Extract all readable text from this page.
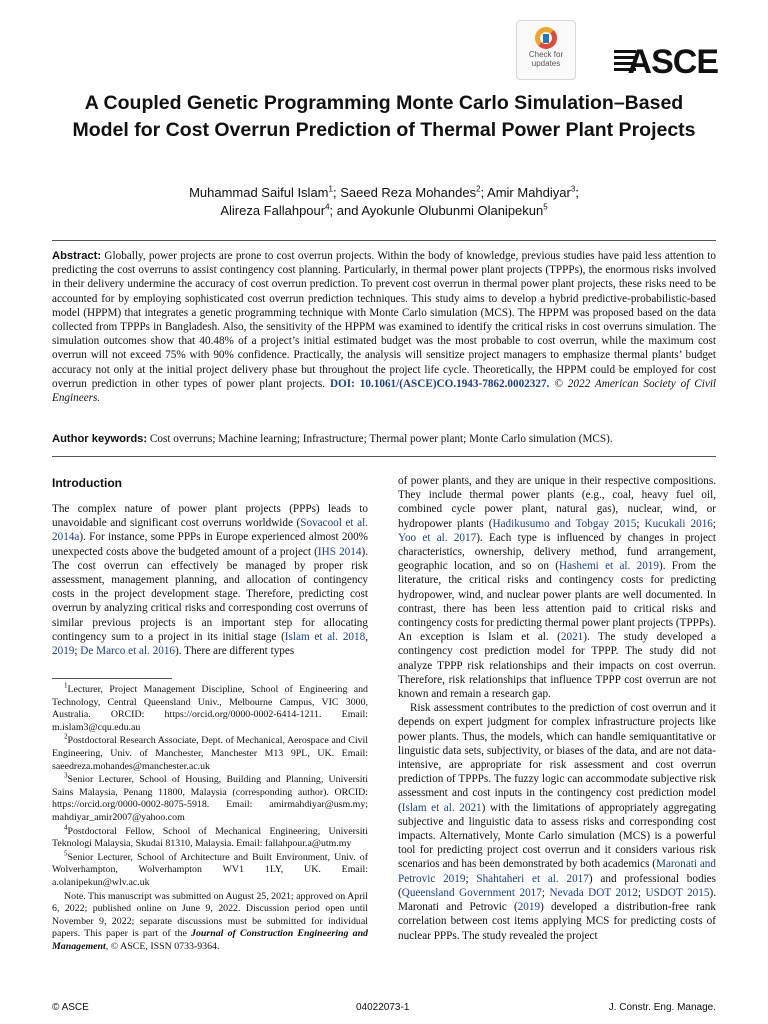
Check for
updates	ASCE
A Coupled Genetic Programming Monte Carlo Simulation–Based Model for Cost Overrun Prediction of Thermal Power Plant Projects

Muhammad Saiful Islam$^1$; Saeed Reza Mohandes$^2$; Amir Mahdiyar$^3$;
Alireza Fallahpour$^4$; and Ayokunle Olubunmi Olanipekun$^5$

Abstract: Globally, power projects are prone to cost overrun projects. Within the body of knowledge, previous studies have paid less attention to predicting the cost overruns to assist contingency cost planning. Particularly, in thermal power plant projects (TPPPs), the enormous risks involved in their delivery undermine the accuracy of cost overrun prediction. To prevent cost overrun in thermal power plant projects, these risks need to be accounted for by employing sophisticated cost overrun prediction techniques. This study aims to develop a hybrid predictive-probabilistic-based model (HPPM) that integrates a genetic programming technique with Monte Carlo simulation (MCS). The HPPM was proposed based on the data collected from TPPPs in Bangladesh. Also, the sensitivity of the HPPM was examined to identify the critical risks in cost overruns simulation. The simulation outcomes show that 40.48% of a project’s initial estimated budget was the most probable to cost overrun, while the maximum cost overrun will not exceed 75% with 90% confidence. Practically, the analysis will sensitize project managers to emphasize thermal plants’ budget accuracy not only at the initial project delivery phase but throughout the project life cycle. Theoretically, the HPPM could be employed for cost overrun prediction in other types of power plant projects. DOI: 10.1061/(ASCE)CO.1943-7862.0002327. © 2022 American Society of Civil Engineers.

Author keywords: Cost overruns; Machine learning; Infrastructure; Thermal power plant; Monte Carlo simulation (MCS).

Introduction

The complex nature of power plant projects (PPPs) leads to unavoidable and significant cost overruns worldwide (Sovacool et al. 2014a). For instance, some PPPs in Europe experienced almost 200% unexpected costs above the budgeted amount of a project (IHS 2014). The cost overrun can effectively be managed by proper risk assessment, management planning, and allocation of contingency costs in the project development stage. Therefore, predicting cost overrun by analyzing critical risks and corresponding cost overruns of similar previous projects is an important step for allocating contingency sum to a project in its initial stage (Islam et al. 2018, 2019; De Marco et al. 2016). There are different types

$^1$Lecturer, Project Management Discipline, School of Engineering and Technology, Central Queensland Univ., Melbourne Campus, VIC 3000, Australia. ORCID: https://orcid.org/0000-0002-6414-1211. Email: m.islam3@cqu.edu.au

$^2$Postdoctoral Research Associate, Dept. of Mechanical, Aerospace and Civil Engineering, Univ. of Manchester, Manchester M13 9PL, UK. Email: saeedreza.mohandes@manchester.ac.uk

$^3$Senior Lecturer, School of Housing, Building and Planning, Universiti Sains Malaysia, Penang 11800, Malaysia (corresponding author). ORCID: https://orcid.org/0000-0002-8075-5918. Email: amirmahdiyar@usm.my; mahdiyar_amir2007@yahoo.com

$^4$Postdoctoral Fellow, School of Mechanical Engineering, Universiti Teknologi Malaysia, Skudai 81310, Malaysia. Email: fallahpour.a@utm.my

$^5$Senior Lecturer, School of Architecture and Built Environment, Univ. of Wolverhampton, Wolverhampton WV1 1LY, UK. Email: a.olanipekun@wlv.ac.uk

Note. This manuscript was submitted on August 25, 2021; approved on April 6, 2022; published online on June 9, 2022. Discussion period open until November 9, 2022; separate discussions must be submitted for individual papers. This paper is part of the Journal of Construction Engineering and Management, © ASCE, ISSN 0733-9364.

of power plants, and they are unique in their respective compositions. They include thermal power plants (e.g., coal, heavy fuel oil, combined cycle power plant, natural gas), nuclear, wind, or hydropower plants (Hadikusumo and Tobgay 2015; Kucukali 2016; Yoo et al. 2017). Each type is influenced by changes in project characteristics, ownership, delivery method, fund arrangement, geographic location, and so on (Hashemi et al. 2019). From the literature, the critical risks and contingency costs for predicting hydropower, wind, and nuclear power plants are well documented. In contrast, there has been less attention paid to critical risks and contingency costs for predicting thermal power plant projects (TPPPs). An exception is Islam et al. (2021). The study developed a contingency cost prediction model for TPPP. The study did not analyze TPPP risk relationships and their impacts on cost overrun. Therefore, risk relationships that influence TPPP cost overrun are not known and remain a research gap.

Risk assessment contributes to the prediction of cost overrun and it depends on expert judgment for complex infrastructure projects like power plants. Thus, the models, which can handle semiquantitative or linguistic data sets, subjectivity, or biases of the data, and are not data-intensive, are appropriate for risk assessment and cost overrun prediction of TPPPs. The fuzzy logic can accommodate subjective risk assessment and cost inputs in the contingency cost prediction model (Islam et al. 2021) with the limitations of appropriately aggregating subjective and linguistic data to assess risks and corresponding cost impacts. Alternatively, Monte Carlo simulation (MCS) is a powerful tool for predicting project cost overrun and it considers various risk scenarios and has been demonstrated by both academics (Maronati and Petrovic 2019; Shahtaheri et al. 2017) and professional bodies (Queensland Government 2017; Nevada DOT 2012; USDOT 2015). Maronati and Petrovic (2019) developed a distribution-free rank correlation between cost items applying MCS for predicting costs of nuclear PPPs. The study revealed the project

© ASCE	04022073-1	J. Constr. Eng. Manage.
